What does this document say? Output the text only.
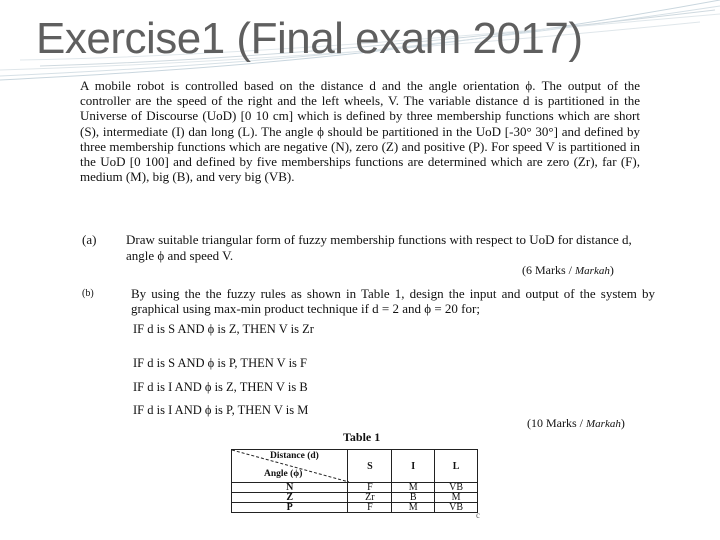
Exercise1 (Final exam 2017)
A mobile robot is controlled based on the distance d and the angle orientation ϕ. The output of the controller are the speed of the right and the left wheels, V. The variable distance d is partitioned in the Universe of Discourse (UoD) [0 10 cm] which is defined by three membership functions which are short (S), intermediate (I) dan long (L). The angle ϕ should be partitioned in the UoD [-30° 30°] and defined by three membership functions which are negative (N), zero (Z) and positive (P). For speed V is partitioned in the UoD [0 100] and defined by five memberships functions are determined which are zero (Zr), far (F), medium (M), big (B), and very big (VB).
(a) Draw suitable triangular form of fuzzy membership functions with respect to UoD for distance d, angle ϕ and speed V.
(6 Marks / Markah)
(b)	By using the the fuzzy rules as shown in Table 1, design the input and output of the system by graphical using max-min product technique if d = 2 and ϕ = 20 for;
IF d is S AND ϕ is Z, THEN V is Zr
IF d is S AND ϕ is P, THEN V is F
IF d is I AND ϕ is Z, THEN V is B
IF d is I AND ϕ is P, THEN V is M
(10 Marks / Markah)
Table 1
Distance (d)
Angle (ϕ)	S	I	L
N	F	M	VB
Z	Zr	B	M
P	F	M	VB
c
